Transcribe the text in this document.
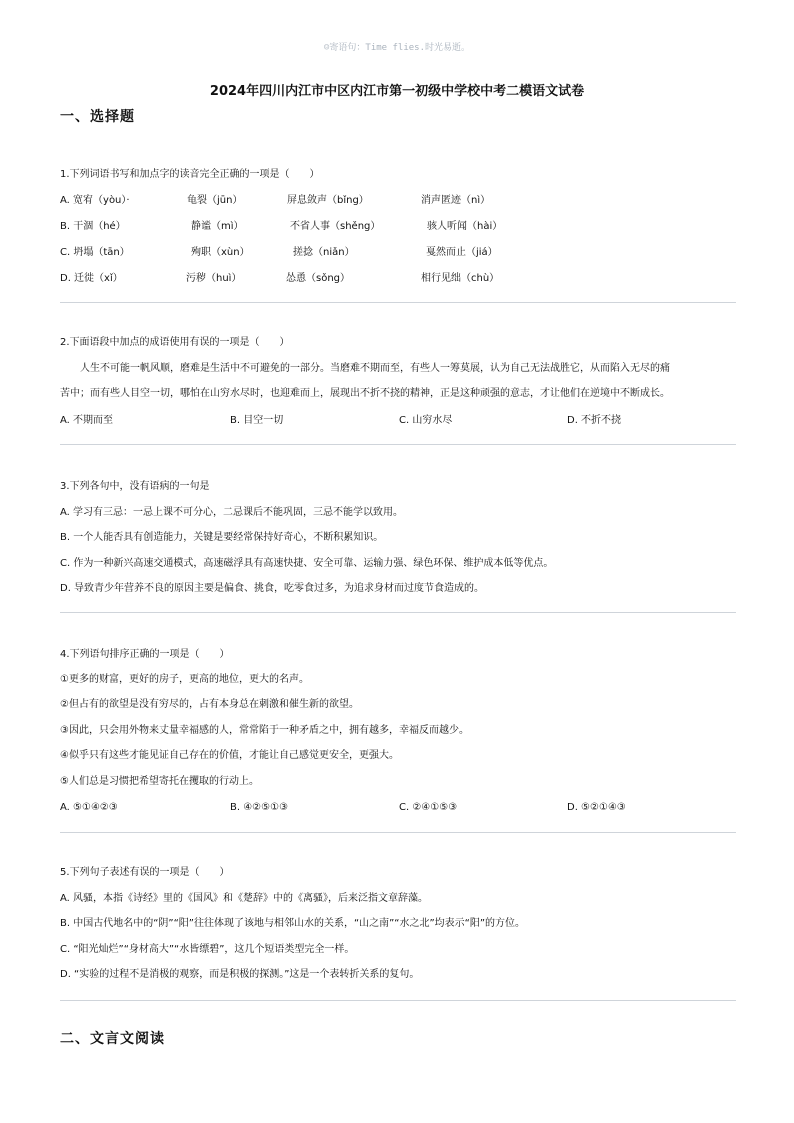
☺寄语句：Time flies.时光易逝。
2024年四川内江市中区内江市第一初级中学校中考二模语文试卷
一、选择题
1.下列词语书写和加点字的读音完全正确的一项是（　　）
A. 宽宥（yòu）·	龟裂（jūn）	屏息敛声（bǐng）	消声匿迹（nì）
B. 干涸（hé）	静谧（mì）	不省人事（shěng）	骇人听闻（hài）
C. 坍塌（tān）	殉职（xùn）	搓捻（niǎn）	戛然而止（jiá）
D. 迁徙（xǐ）	污秽（huì）	怂恿（sǒng）	相行见绌（chù）
2.下面语段中加点的成语使用有误的一项是（　　）
人生不可能一帆风顺，磨难是生活中不可避免的一部分。当磨难不期而至，有些人一筹莫展，认为自己无法战胜它，从而陷入无尽的痛
苦中；而有些人目空一切，哪怕在山穷水尽时，也迎难而上，展现出不折不挠的精神，正是这种顽强的意志，才让他们在逆境中不断成长。
A. 不期而至	B. 目空一切	C. 山穷水尽	D. 不折不挠
3.下列各句中，没有语病的一句是
A. 学习有三忌：一忌上课不可分心，二忌课后不能巩固，三忌不能学以致用。
B. 一个人能否具有创造能力，关键是要经常保持好奇心，不断积累知识。
C. 作为一种新兴高速交通模式，高速磁浮具有高速快捷、安全可靠、运输力强、绿色环保、维护成本低等优点。
D. 导致青少年营养不良的原因主要是偏食、挑食，吃零食过多，为追求身材而过度节食造成的。
4.下列语句排序正确的一项是（　　）
①更多的财富，更好的房子，更高的地位，更大的名声。
②但占有的欲望是没有穷尽的，占有本身总在刺激和催生新的欲望。
③因此，只会用外物来丈量幸福感的人，常常陷于一种矛盾之中，拥有越多，幸福反而越少。
④似乎只有这些才能见证自己存在的价值，才能让自己感觉更安全，更强大。
⑤人们总是习惯把希望寄托在攫取的行动上。
A. ⑤①④②③	B. ④②⑤①③	C. ②④①⑤③	D. ⑤②①④③
5.下列句子表述有误的一项是（　　）
A. 风骚，本指《诗经》里的《国风》和《楚辞》中的《离骚》，后来泛指文章辞藻。
B. 中国古代地名中的“阴”“阳”往往体现了该地与相邻山水的关系，“山之南”“水之北”均表示“阳”的方位。
C. “阳光灿烂”“身材高大”“水皆缥碧”，这几个短语类型完全一样。
D. “实验的过程不是消极的观察，而是积极的探测。”这是一个表转折关系的复句。
二、文言文阅读
